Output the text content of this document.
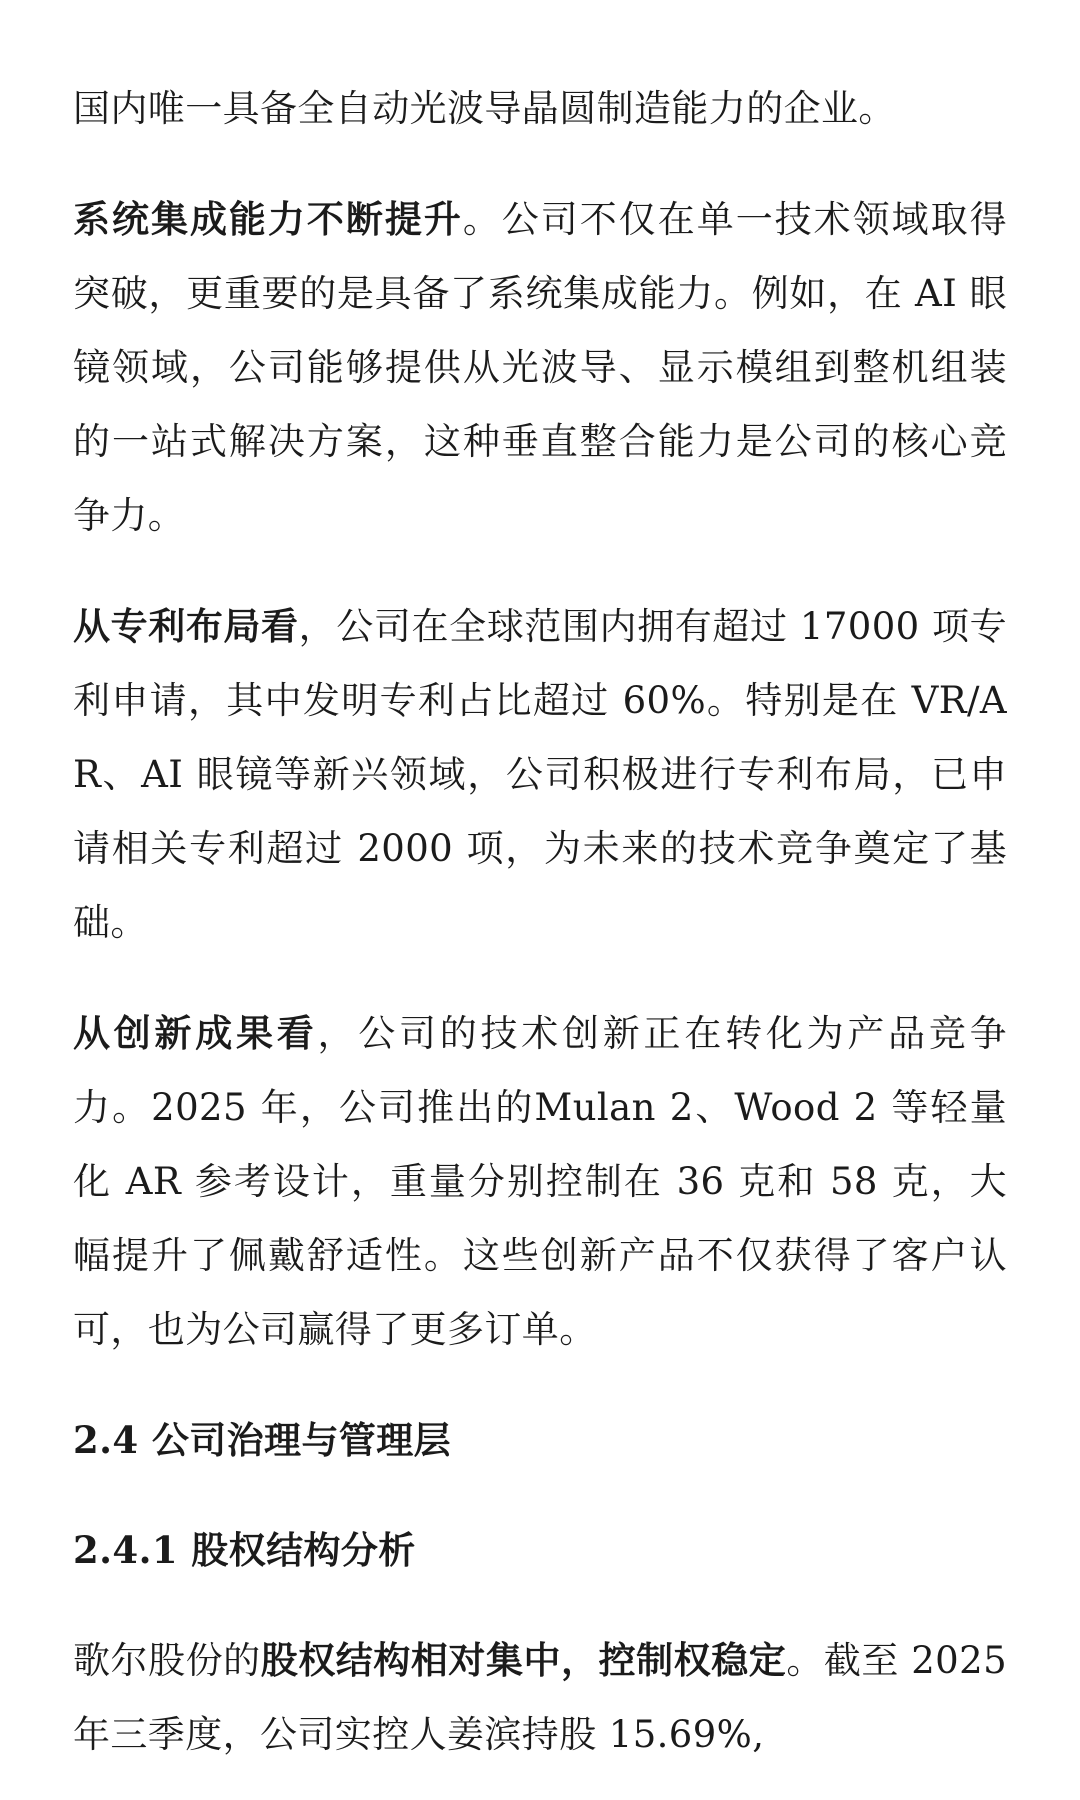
国内唯一具备全自动光波导晶圆制造能力的企业。

系统集成能力不断提升。公司不仅在单一技术领域取得突破，更重要的是具备了系统集成能力。例如，在 AI 眼镜领域，公司能够提供从光波导、显示模组到整机组装的一站式解决方案，这种垂直整合能力是公司的核心竞争力。

从专利布局看，公司在全球范围内拥有超过 17000 项专利申请，其中发明专利占比超过 60%。特别是在 VR/AR、AI 眼镜等新兴领域，公司积极进行专利布局，已申请相关专利超过 2000 项，为未来的技术竞争奠定了基础。

从创新成果看，公司的技术创新正在转化为产品竞争力。2025 年，公司推出的Mulan 2、Wood 2 等轻量化 AR 参考设计，重量分别控制在 36 克和 58 克，大幅提升了佩戴舒适性。这些创新产品不仅获得了客户认可，也为公司赢得了更多订单。

2.4 公司治理与管理层
2.4.1 股权结构分析

歌尔股份的股权结构相对集中，控制权稳定。截至 2025 年三季度，公司实控人姜滨持股 15.69%,
